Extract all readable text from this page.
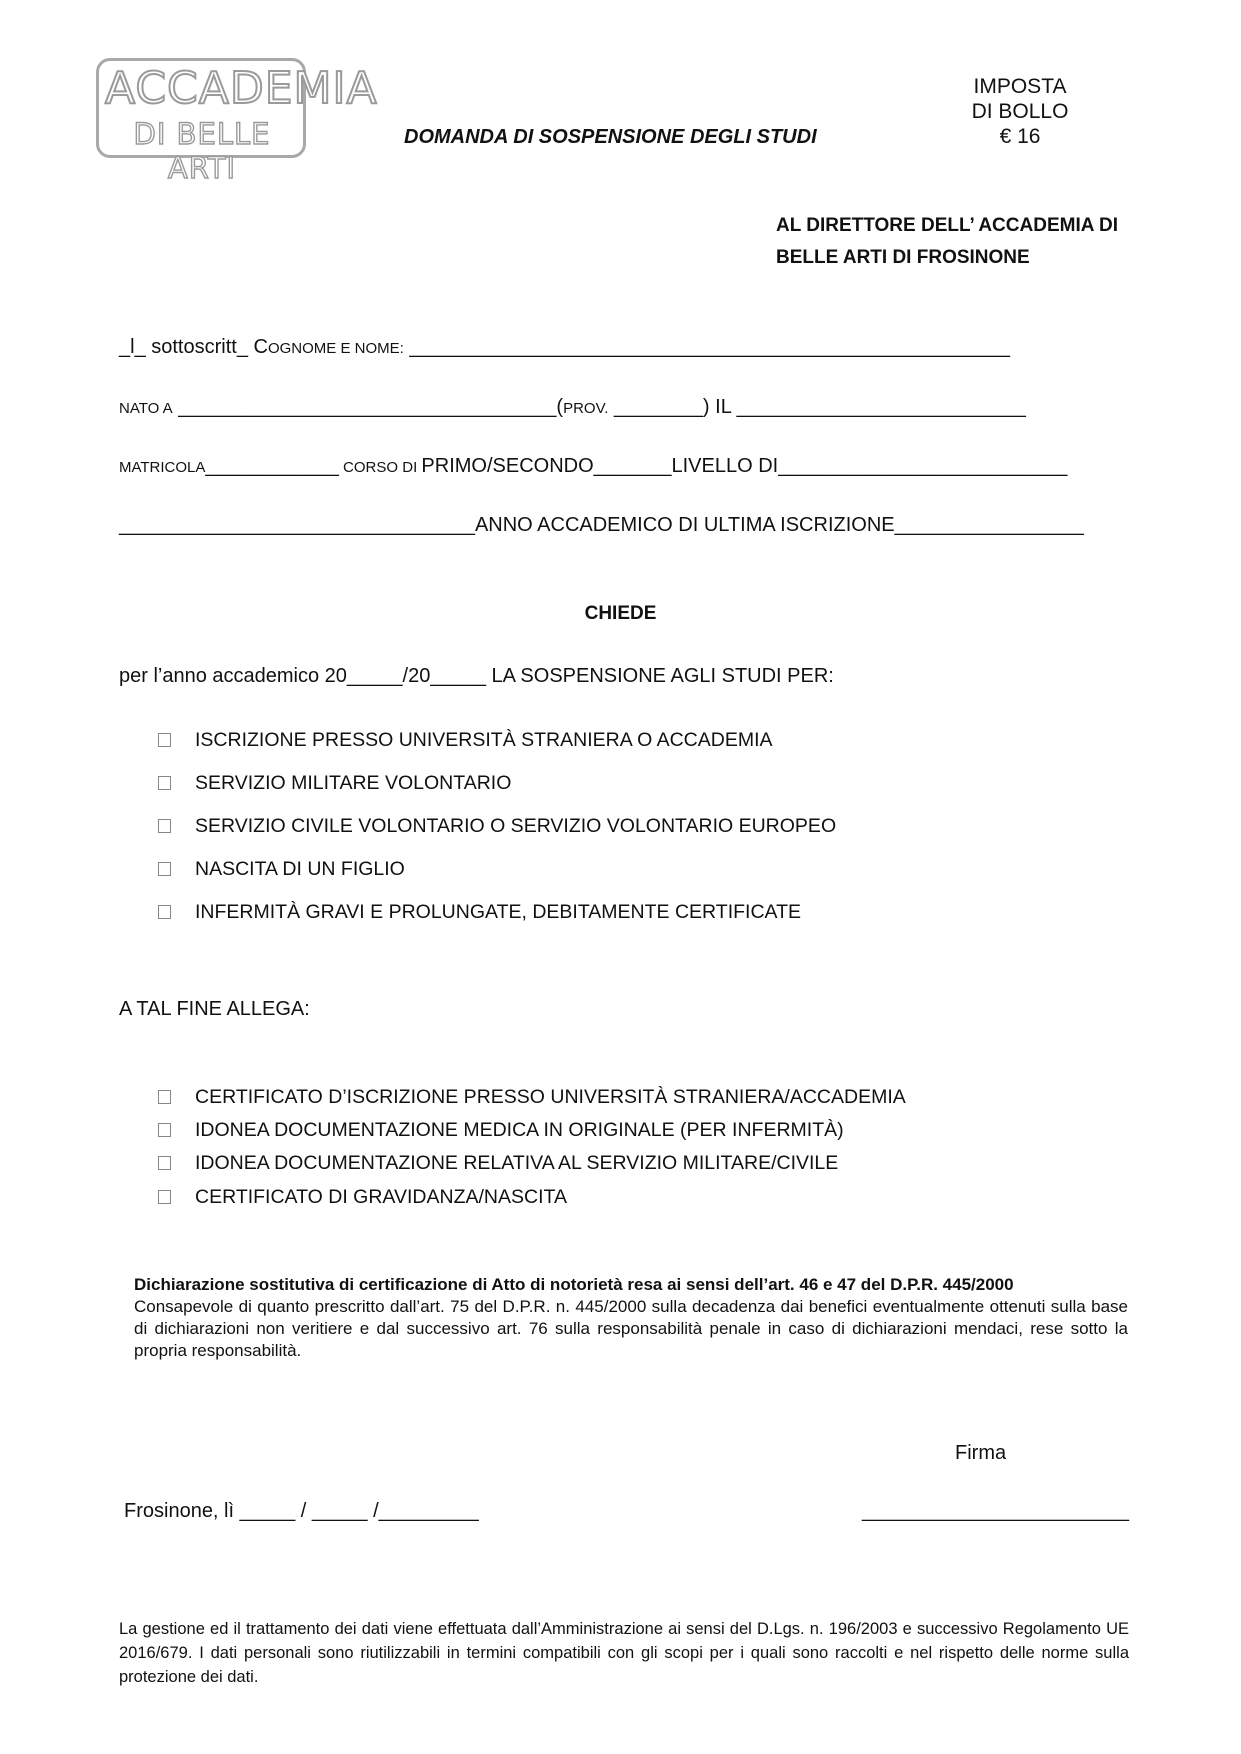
ACCADEMIA
DI BELLE ARTI
DOMANDA DI SOSPENSIONE DEGLI STUDI
IMPOSTA
DI BOLLO
€ 16
AL DIRETTORE DELL’ ACCADEMIA DI
BELLE ARTI DI FROSINONE
_l_ sottoscritt_ COGNOME E NOME: ______________________________________________________
NATO A __________________________________(PROV. ________) IL __________________________
MATRICOLA____________ CORSO DI PRIMO/SECONDO_______LIVELLO DI__________________________
________________________________ANNO ACCADEMICO DI ULTIMA ISCRIZIONE_________________
CHIEDE
per l’anno accademico 20_____/20_____ LA SOSPENSIONE AGLI STUDI PER:
ISCRIZIONE PRESSO UNIVERSITÀ STRANIERA O ACCADEMIA
SERVIZIO MILITARE VOLONTARIO
SERVIZIO CIVILE VOLONTARIO O SERVIZIO VOLONTARIO EUROPEO
NASCITA DI UN FIGLIO
INFERMITÀ GRAVI E PROLUNGATE, DEBITAMENTE CERTIFICATE
A TAL FINE ALLEGA:
CERTIFICATO D’ISCRIZIONE PRESSO UNIVERSITÀ STRANIERA/ACCADEMIA
IDONEA DOCUMENTAZIONE MEDICA IN ORIGINALE (PER INFERMITÀ)
IDONEA DOCUMENTAZIONE RELATIVA AL SERVIZIO MILITARE/CIVILE
CERTIFICATO DI GRAVIDANZA/NASCITA
Dichiarazione sostitutiva di certificazione di Atto di notorietà resa ai sensi dell’art. 46 e 47 del D.P.R. 445/2000
Consapevole di quanto prescritto dall’art. 75 del D.P.R. n. 445/2000 sulla decadenza dai benefici eventualmente ottenuti sulla base di dichiarazioni non veritiere e dal successivo art. 76 sulla responsabilità penale in caso di dichiarazioni mendaci, rese sotto la propria responsabilità.
Firma
Frosinone, lì _____ / _____ /_________	________________________
La gestione ed il trattamento dei dati viene effettuata dall’Amministrazione ai sensi del D.Lgs. n. 196/2003 e successivo Regolamento UE 2016/679. I dati personali sono riutilizzabili in termini compatibili con gli scopi per i quali sono raccolti e nel rispetto delle norme sulla protezione dei dati.
